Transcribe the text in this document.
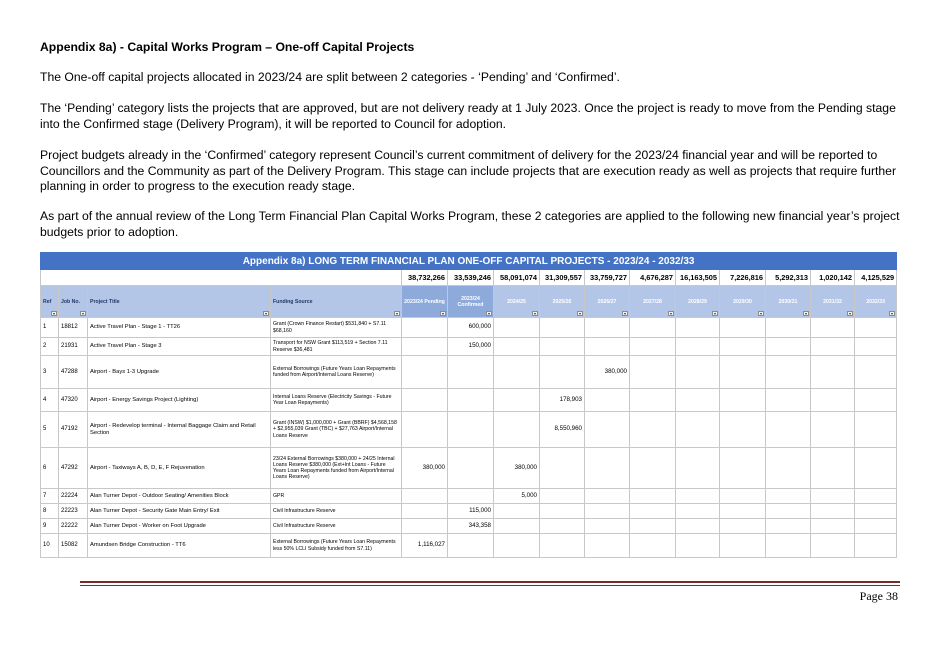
Appendix 8a) - Capital Works Program – One-off Capital Projects
The One-off capital projects allocated in 2023/24 are split between 2 categories - ‘Pending’ and ‘Confirmed’.
The ‘Pending’ category lists the projects that are approved, but are not delivery ready at 1 July 2023. Once the project is ready to move from the Pending stage into the Confirmed stage (Delivery Program), it will be reported to Council for adoption.
Project budgets already in the ‘Confirmed’ category represent Council’s current commitment of delivery for the 2023/24 financial year and will be reported to Councillors and the Community as part of the Delivery Program. This stage can include projects that are execution ready as well as projects that require further planning in order to progress to the execution ready stage.
As part of the annual review of the Long Term Financial Plan Capital Works Program, these 2 categories are applied to the following new financial year’s project budgets prior to adoption.
Appendix 8a) LONG TERM FINANCIAL PLAN ONE-OFF CAPITAL PROJECTS - 2023/24 - 2032/33														
				38,732,266	33,539,246	58,091,074	31,309,557	33,759,727	4,676,287	16,163,505	7,226,816	5,292,313	1,020,142	4,125,529
Ref	Job No.	Project Title	Funding Source	2023/24 Pending	2023/24 Confirmed	2024/25	2025/26	2026/27	2027/28	2028/29	2029/30	2030/31	2031/32	2032/33

1	18812	Active Travel Plan - Stage 1 - TT26	Grant (Crown Finance Restart) $531,840 + S7.11 $68,160		600,000									
2	21931	Active Travel Plan - Stage 3	Transport for NSW Grant $113,519 + Section 7.11 Reserve $36,481		150,000									
3	47288	Airport - Bays 1-3 Upgrade	External Borrowings (Future Years Loan Repayments funded from Airport/Internal Loans Reserve)					380,000						
4	47320	Airport - Energy Savings Project (Lighting)	Internal Loans Reserve (Electricity Savings - Future Year Loan Repayments)				178,903							
5	47192	Airport - Redevelop terminal - Internal Baggage Claim and Retail Section	Grant (INSW) $1,000,000 + Grant (BBRF) $4,568,158 + $2,955,039 Grant (TBC) + $27,763 Airport/Internal Loans Reserve				8,550,960							
6	47292	Airport - Taxiways A, B, D, E, F Rejuvenation	23/24 External Borrowings $380,000 + 24/25 Internal Loans Reserve $380,000 (Ext+Int Loans - Future Years Loan Repayments funded from Airport/Internal Loans Reserve)	380,000		380,000								
7	22224	Alan Turner Depot - Outdoor Seating/ Amenities Block	GPR			5,000								
8	22223	Alan Turner Depot - Security Gate Main Entry/ Exit	Civil Infrastructure Reserve		115,000									
9	22222	Alan Turner Depot - Worker on Foot Upgrade	Civil Infrastructure Reserve		343,358									
10	15082	Amundsen Bridge Construction - TT6	External Borrowings (Future Years Loan Repayments less 50% LCLI Subsidy funded from S7.11)	1,116,027										
Page 38
